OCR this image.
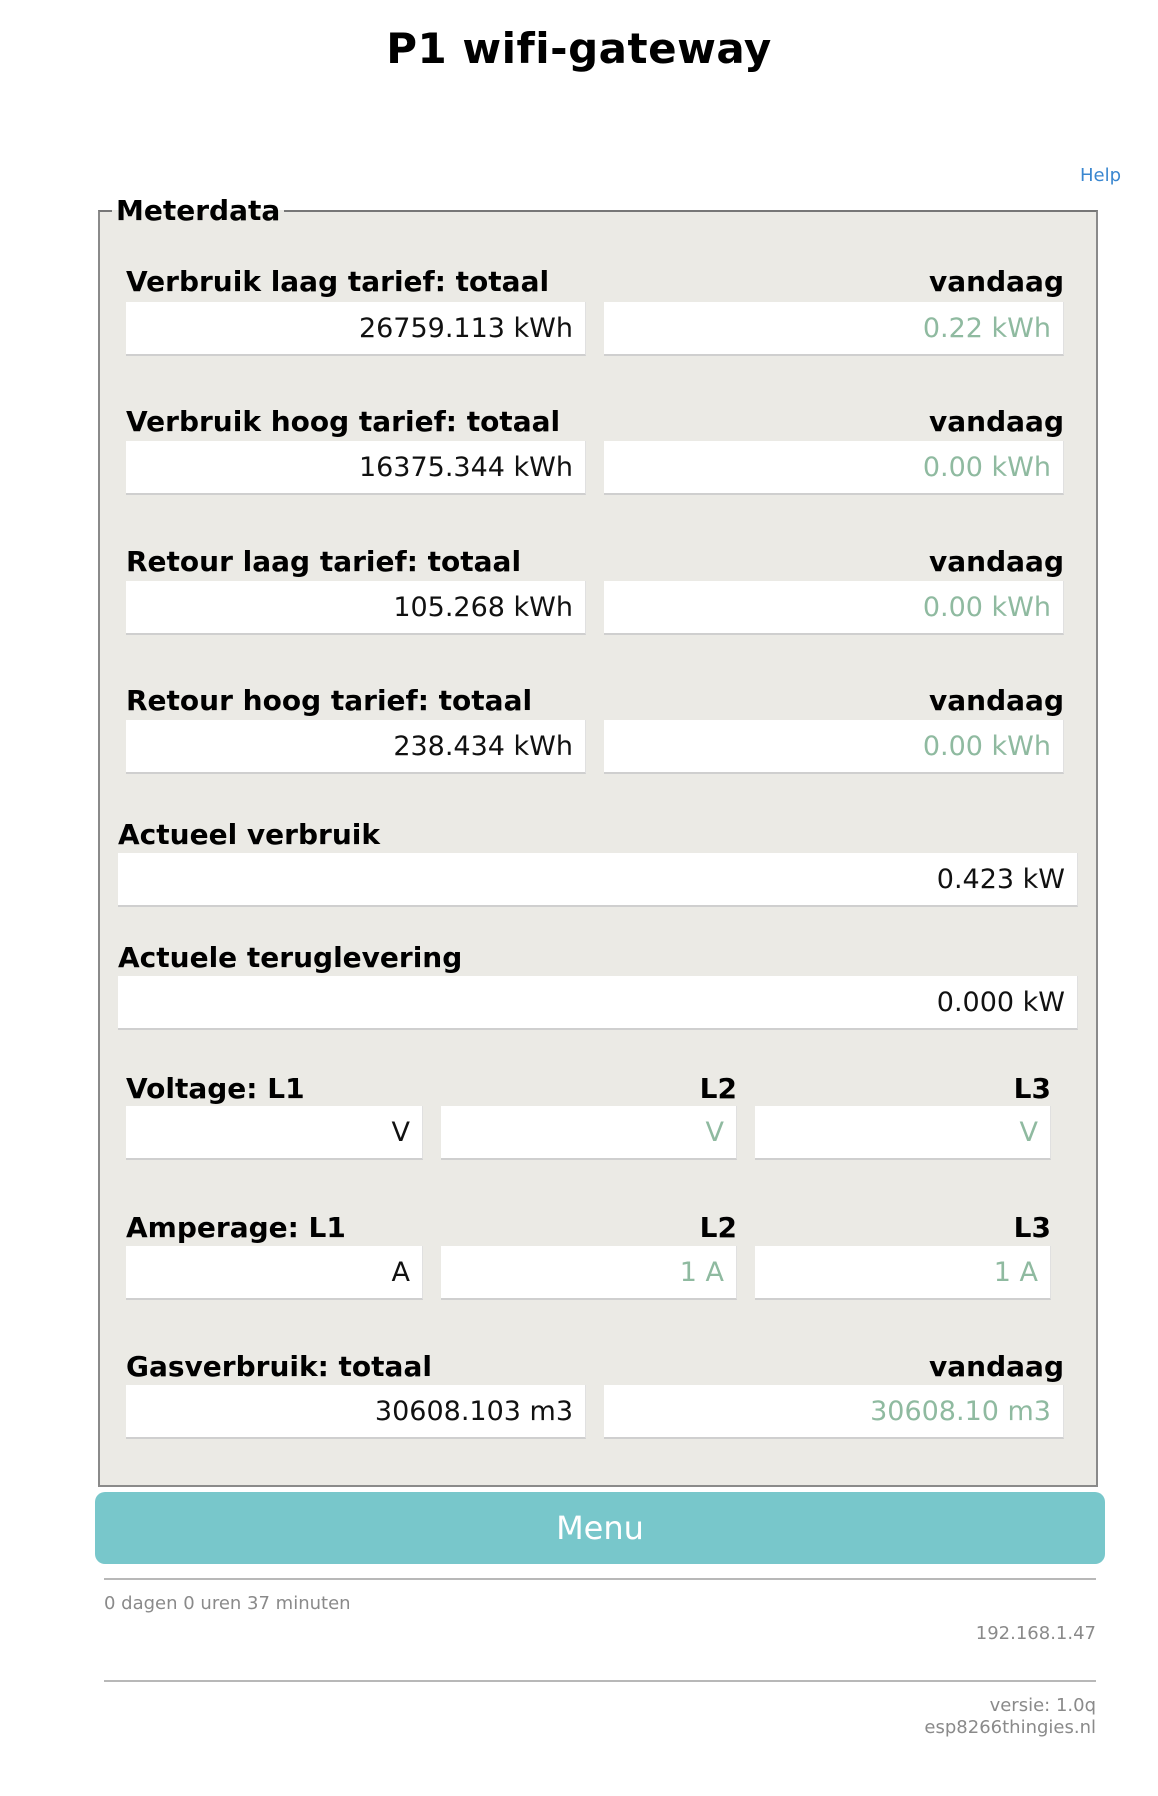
P1 wifi-gateway
Help
Meterdata
Verbruik laag tarief: totaal	vandaag
26759.113 kWh	0.22 kWh
Verbruik hoog tarief: totaal	vandaag
16375.344 kWh	0.00 kWh
Retour laag tarief: totaal	vandaag
105.268 kWh	0.00 kWh
Retour hoog tarief: totaal	vandaag
238.434 kWh	0.00 kWh
Actueel verbruik
0.423 kW
Actuele teruglevering
0.000 kW
Voltage: L1	L2	L3
V	V	V
Amperage: L1	L2	L3
A	1 A	1 A
Gasverbruik: totaal	vandaag
30608.103 m3	30608.10 m3
Menu
0 dagen 0 uren 37 minuten
192.168.1.47
versie: 1.0q
esp8266thingies.nl
